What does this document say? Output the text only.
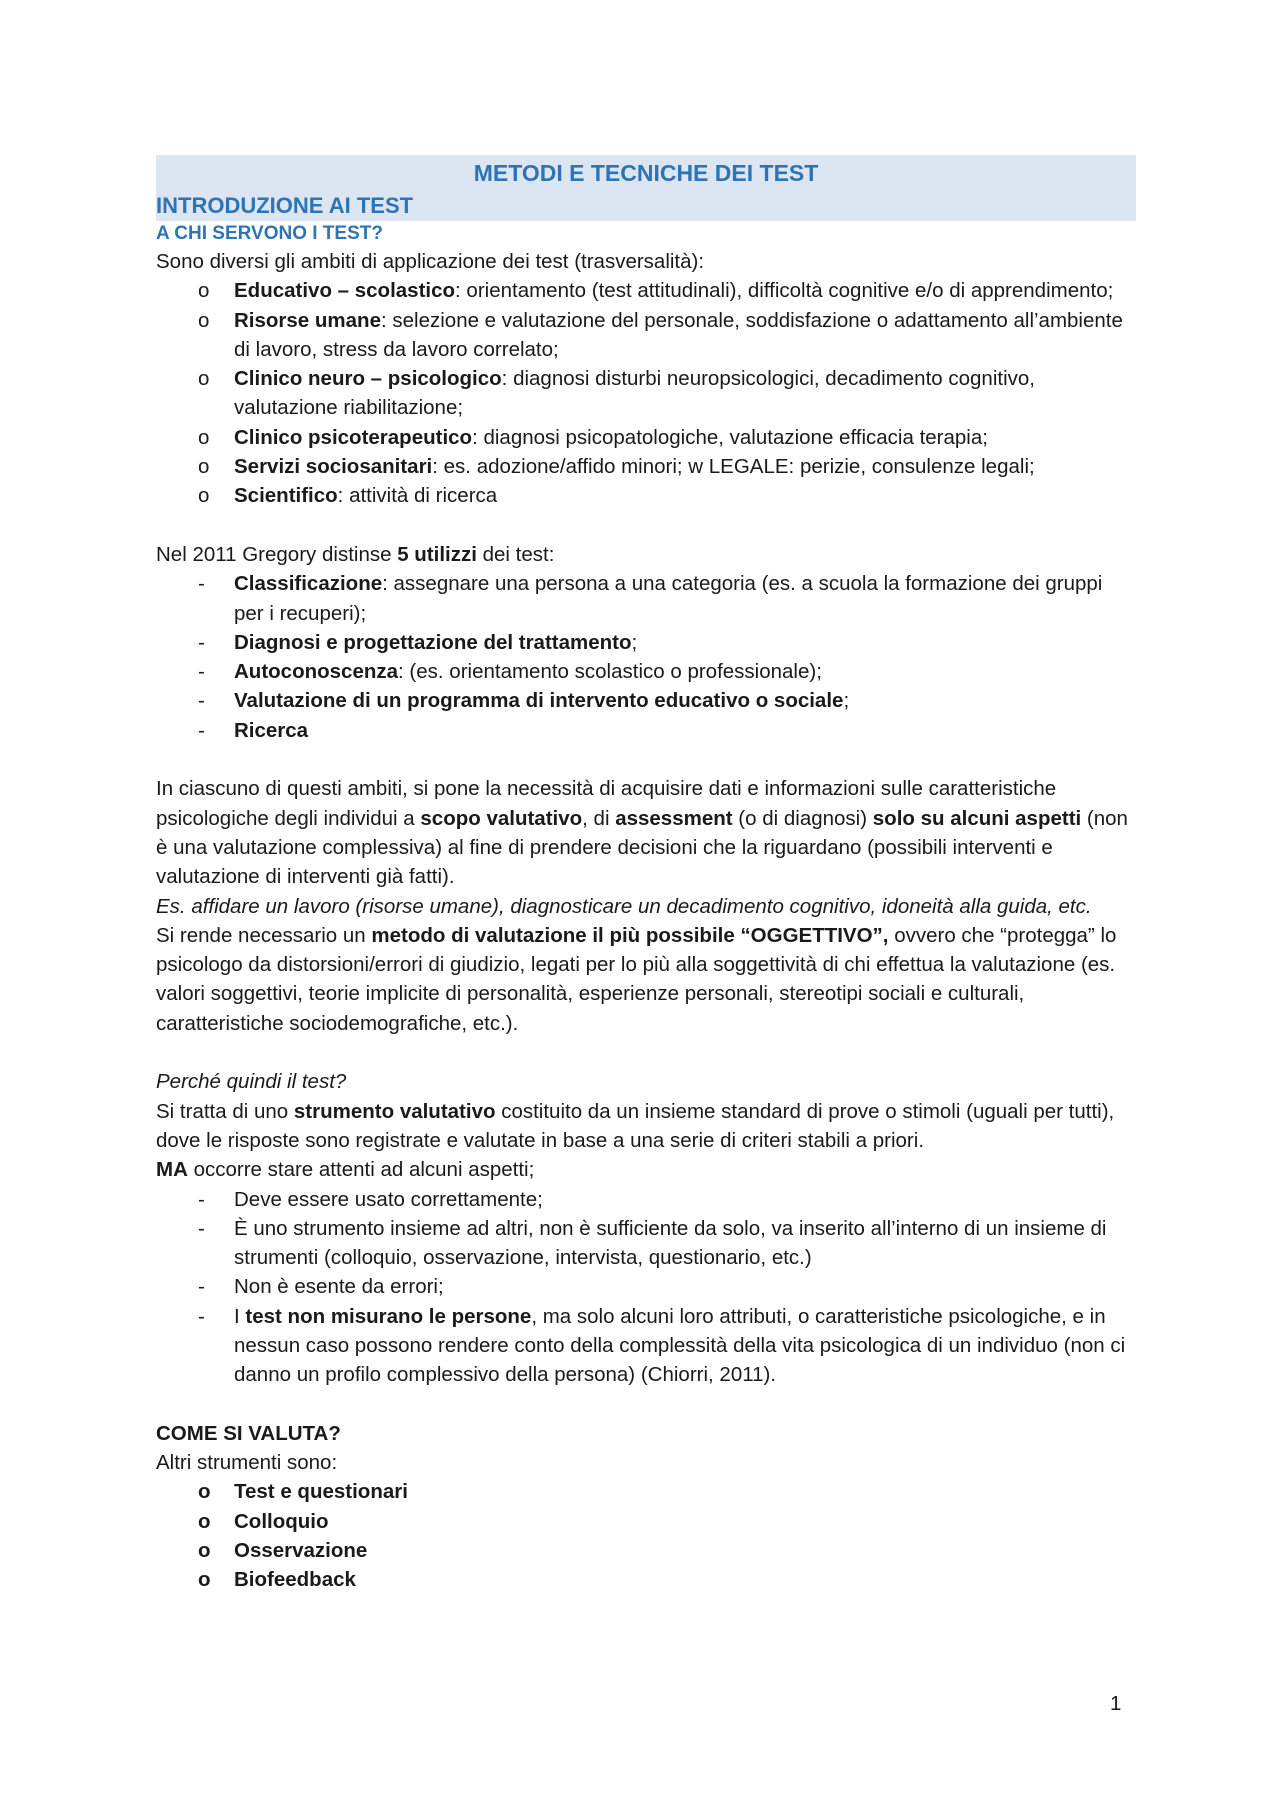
METODI E TECNICHE DEI TEST
INTRODUZIONE AI TEST
A CHI SERVONO I TEST?

Sono diversi gli ambiti di applicazione dei test (trasversalità):

o	Educativo – scolastico: orientamento (test attitudinali), difficoltà cognitive e/o di apprendimento;
o	Risorse umane: selezione e valutazione del personale, soddisfazione o adattamento all’ambiente di lavoro, stress da lavoro correlato;
o	Clinico neuro – psicologico: diagnosi disturbi neuropsicologici, decadimento cognitivo, valutazione riabilitazione;
o	Clinico psicoterapeutico: diagnosi psicopatologiche, valutazione efficacia terapia;
o	Servizi sociosanitari: es. adozione/affido minori; w LEGALE: perizie, consulenze legali;
o	Scientifico: attività di ricerca

Nel 2011 Gregory distinse 5 utilizzi dei test:

-	Classificazione: assegnare una persona a una categoria (es. a scuola la formazione dei gruppi per i recuperi);
-	Diagnosi e progettazione del trattamento;
-	Autoconoscenza: (es. orientamento scolastico o professionale);
-	Valutazione di un programma di intervento educativo o sociale;
-	Ricerca

In ciascuno di questi ambiti, si pone la necessità di acquisire dati e informazioni sulle caratteristiche psicologiche degli individui a scopo valutativo, di assessment (o di diagnosi) solo su alcuni aspetti (non è una valutazione complessiva) al fine di prendere decisioni che la riguardano (possibili interventi e valutazione di interventi già fatti).

Es. affidare un lavoro (risorse umane), diagnosticare un decadimento cognitivo, idoneità alla guida, etc.

Si rende necessario un metodo di valutazione il più possibile “OGGETTIVO”, ovvero che “protegga” lo psicologo da distorsioni/errori di giudizio, legati per lo più alla soggettività di chi effettua la valutazione (es. valori soggettivi, teorie implicite di personalità, esperienze personali, stereotipi sociali e culturali, caratteristiche sociodemografiche, etc.).

Perché quindi il test?

Si tratta di uno strumento valutativo costituito da un insieme standard di prove o stimoli (uguali per tutti), dove le risposte sono registrate e valutate in base a una serie di criteri stabili a priori.

MA occorre stare attenti ad alcuni aspetti;

-	Deve essere usato correttamente;
-	È uno strumento insieme ad altri, non è sufficiente da solo, va inserito all’interno di un insieme di strumenti (colloquio, osservazione, intervista, questionario, etc.)
-	Non è esente da errori;
-	I test non misurano le persone, ma solo alcuni loro attributi, o caratteristiche psicologiche, e in nessun caso possono rendere conto della complessità della vita psicologica di un individuo (non ci danno un profilo complessivo della persona) (Chiorri, 2011).

COME SI VALUTA?

Altri strumenti sono:

o	Test e questionari
o	Colloquio
o	Osservazione
o	Biofeedback
1
